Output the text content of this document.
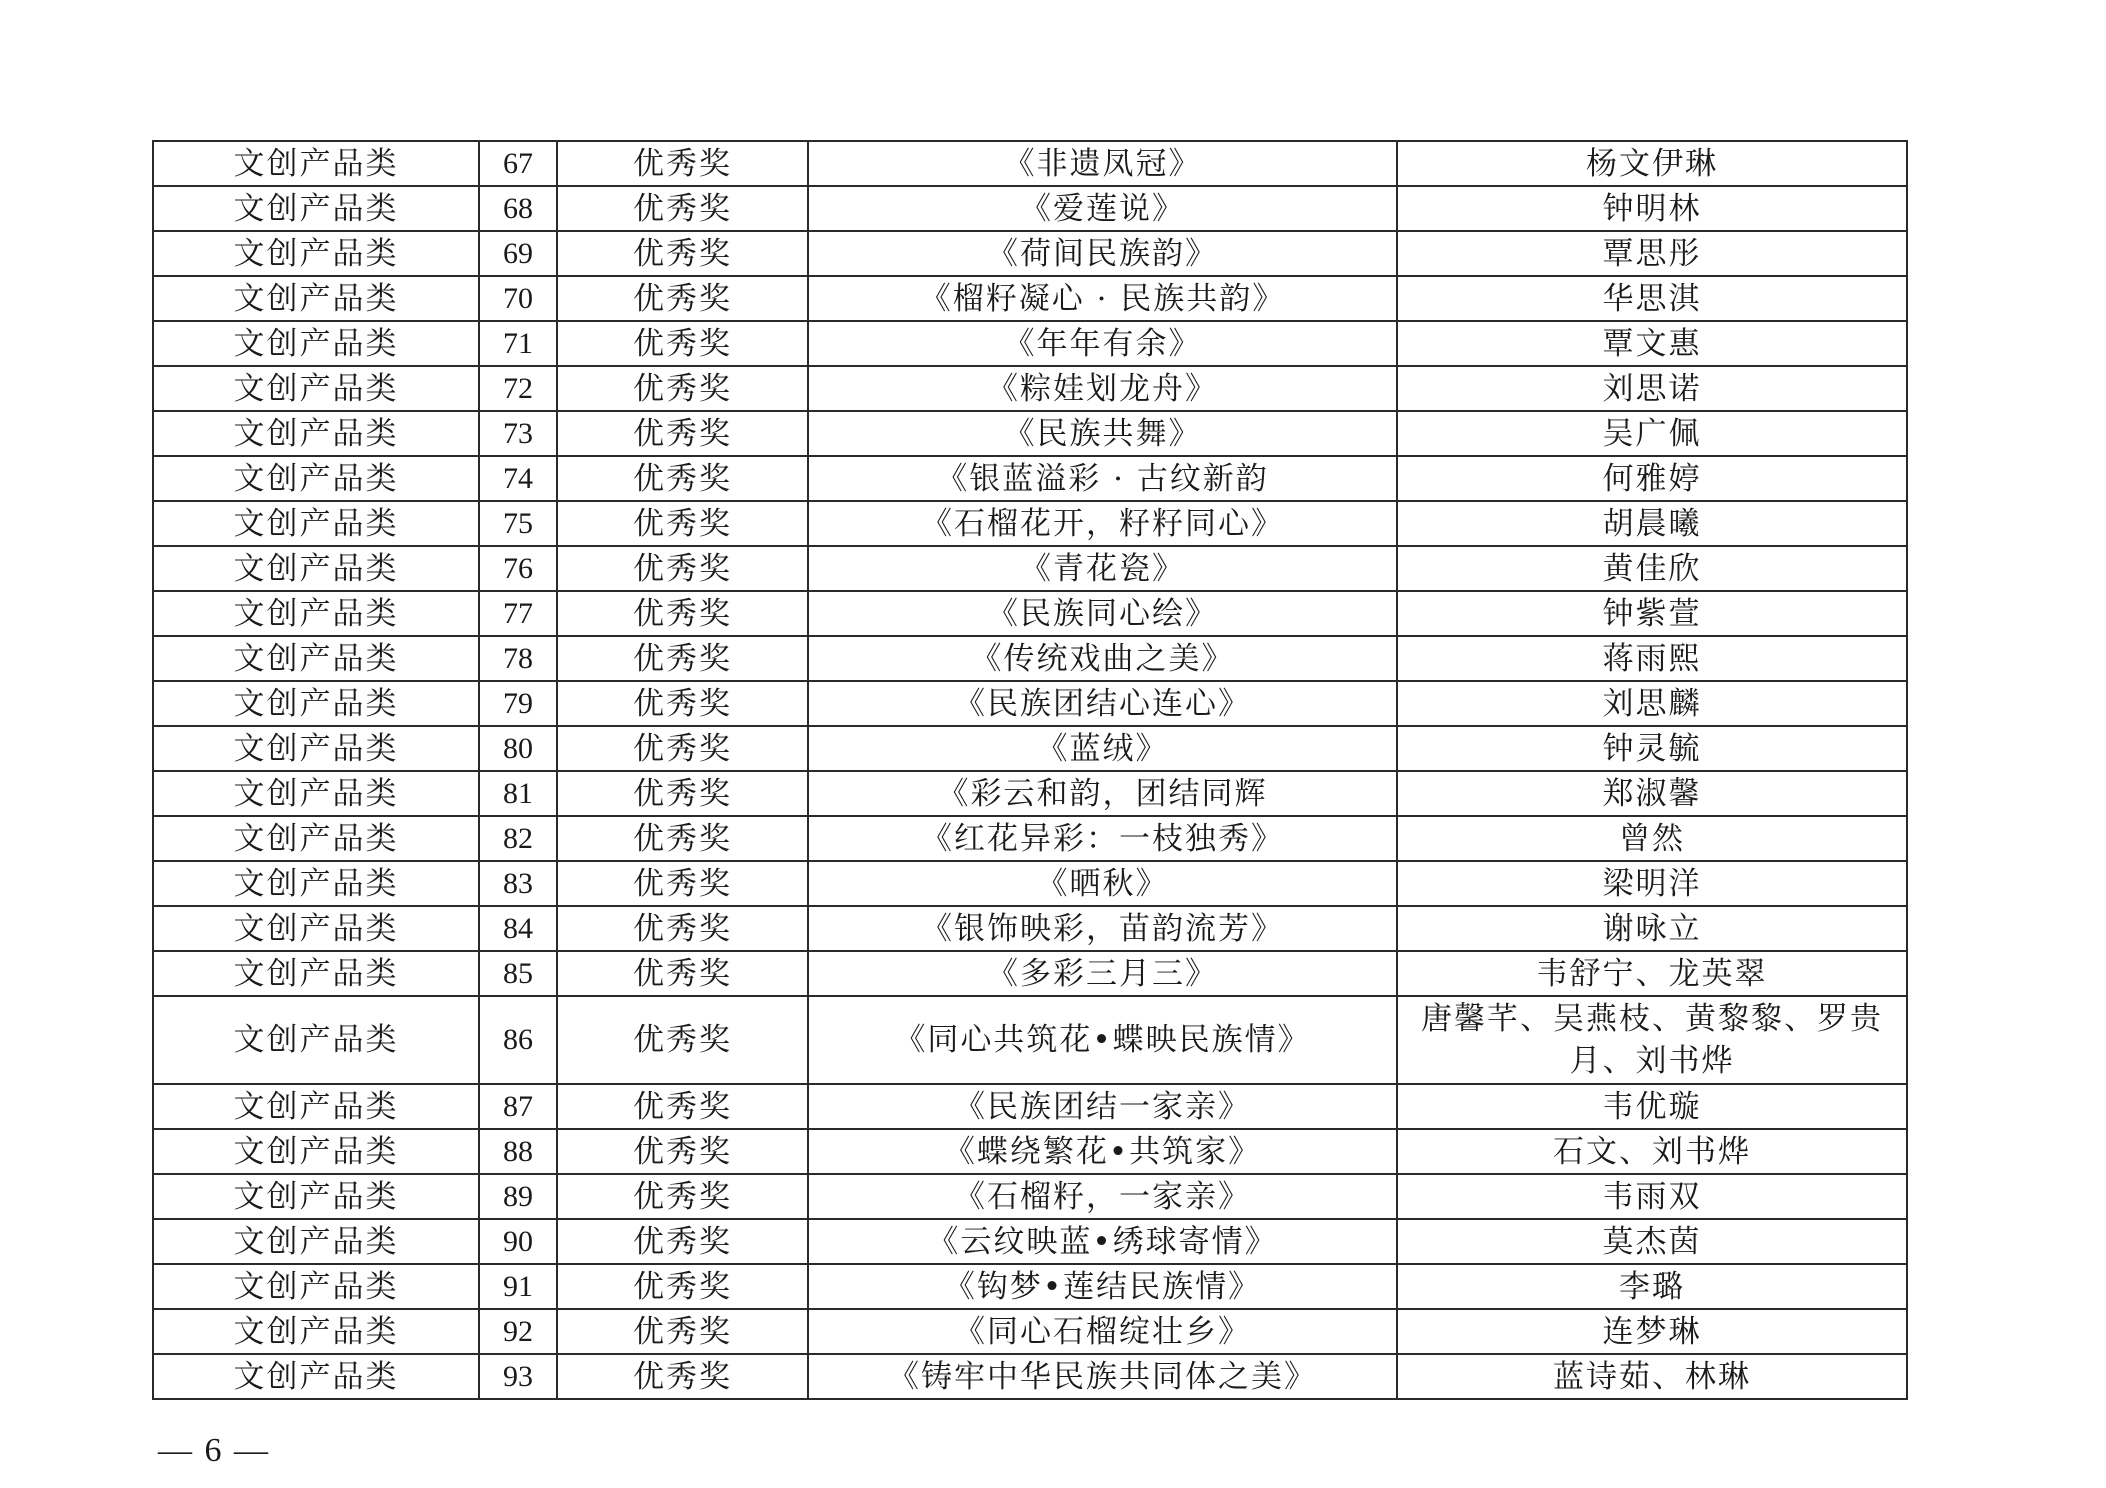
文创产品类	67	优秀奖	《非遗凤冠》	杨文伊琳
文创产品类	68	优秀奖	《爱莲说》	钟明林
文创产品类	69	优秀奖	《荷间民族韵》	覃思彤
文创产品类	70	优秀奖	《榴籽凝心 · 民族共韵》	华思淇
文创产品类	71	优秀奖	《年年有余》	覃文惠
文创产品类	72	优秀奖	《粽娃划龙舟》	刘思诺
文创产品类	73	优秀奖	《民族共舞》	吴广佩
文创产品类	74	优秀奖	《银蓝溢彩 · 古纹新韵	何雅婷
文创产品类	75	优秀奖	《石榴花开，籽籽同心》	胡晨曦
文创产品类	76	优秀奖	《青花瓷》	黄佳欣
文创产品类	77	优秀奖	《民族同心绘》	钟紫萱
文创产品类	78	优秀奖	《传统戏曲之美》	蒋雨熙
文创产品类	79	优秀奖	《民族团结心连心》	刘思麟
文创产品类	80	优秀奖	《蓝绒》	钟灵毓
文创产品类	81	优秀奖	《彩云和韵，团结同辉	郑淑馨
文创产品类	82	优秀奖	《红花异彩：一枝独秀》	曾然
文创产品类	83	优秀奖	《晒秋》	梁明洋
文创产品类	84	优秀奖	《银饰映彩，苗韵流芳》	谢咏立
文创产品类	85	优秀奖	《多彩三月三》	韦舒宁、龙英翠
文创产品类	86	优秀奖	《同心共筑花•蝶映民族情》	唐馨芊、吴燕枝、黄黎黎、罗贵月、刘书烨
文创产品类	87	优秀奖	《民族团结一家亲》	韦优璇
文创产品类	88	优秀奖	《蝶绕繁花•共筑家》	石文、刘书烨
文创产品类	89	优秀奖	《石榴籽，一家亲》	韦雨双
文创产品类	90	优秀奖	《云纹映蓝•绣球寄情》	莫杰茵
文创产品类	91	优秀奖	《钩梦•莲结民族情》	李璐
文创产品类	92	优秀奖	《同心石榴绽壮乡》	连梦琳
文创产品类	93	优秀奖	《铸牢中华民族共同体之美》	蓝诗茹、林琳
— 6 —
